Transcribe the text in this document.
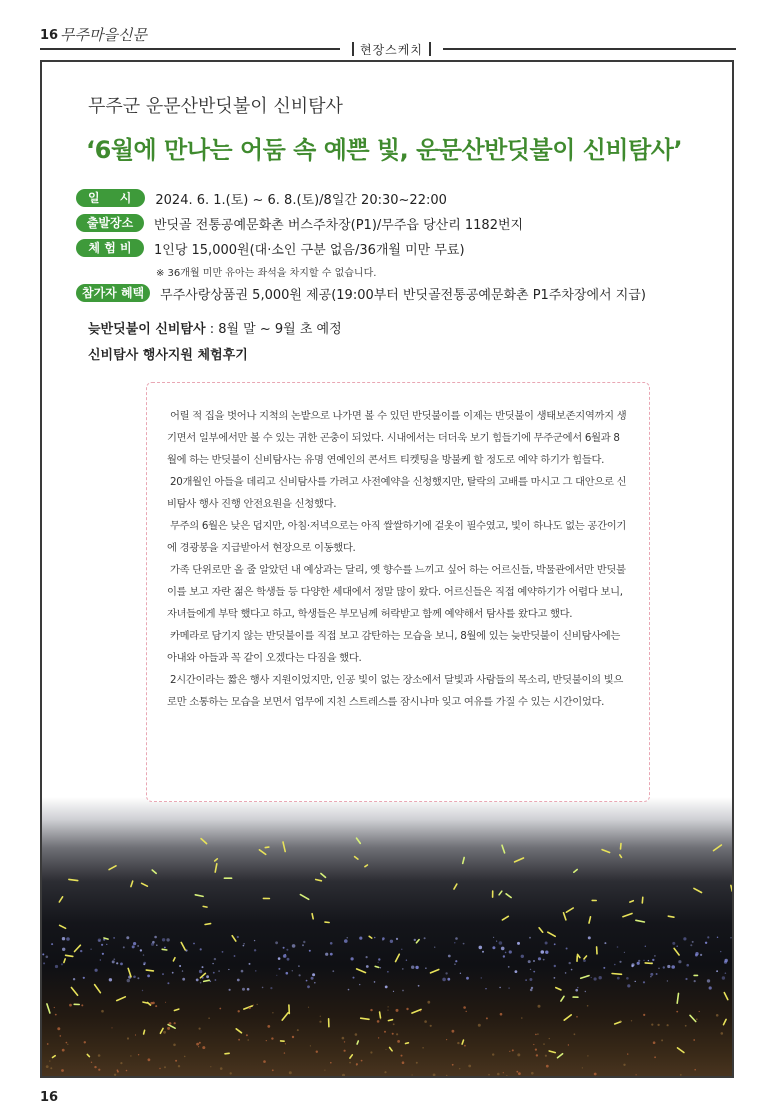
16 무주마을신문
현장스케치
무주군 운문산반딧불이 신비탐사
‘6월에 만나는 어둠 속 예쁜 빛, 운문산반딧불이 신비탐사’
일 시	2024. 6. 1.(토) ~ 6. 8.(토)/8일간 20:30~22:00
출발장소	반딧골 전통공예문화촌 버스주차장(P1)/무주읍 당산리 1182번지
체 험 비	1인당 15,000원(대·소인 구분 없음/36개월 미만 무료)
※ 36개월 미만 유아는 좌석을 차지할 수 없습니다.
참가자 혜택	무주사랑상품권 5,000원 제공(19:00부터 반딧골전통공예문화촌 P1주차장에서 지급)
늦반딧불이 신비탐사 : 8월 말 ~ 9월 초 예정
신비탐사 행사지원 체험후기

어릴 적 집을 벗어나 지척의 논밭으로 나가면 볼 수 있던 반딧불이를 이제는 반딧불이 생태보존지역까지 생기면서 일부에서만 볼 수 있는 귀한 곤충이 되었다. 시내에서는 더더욱 보기 힘들기에 무주군에서 6월과 8월에 하는 반딧불이 신비탐사는 유명 연예인의 콘서트 티켓팅을 방불케 할 정도로 예약 하기가 힘들다.

20개월인 아들을 데리고 신비탐사를 가려고 사전예약을 신청했지만, 탈락의 고배를 마시고 그 대안으로 신비탐사 행사 진행 안전요원을 신청했다.

무주의 6월은 낮은 덥지만, 아침·저녁으로는 아직 쌀쌀하기에 겉옷이 필수였고, 빛이 하나도 없는 공간이기에 경광봉을 지급받아서 현장으로 이동했다.

가족 단위로만 올 줄 알았던 내 예상과는 달리, 옛 향수를 느끼고 싶어 하는 어르신들, 박물관에서만 반딧불이를 보고 자란 젊은 학생들 등 다양한 세대에서 정말 많이 왔다. 어르신들은 직접 예약하기가 어렵다 보니, 자녀들에게 부탁 했다고 하고, 학생들은 부모님께 허락받고 함께 예약해서 탐사를 왔다고 했다.

카메라로 담기지 않는 반딧불이를 직접 보고 감탄하는 모습을 보니, 8월에 있는 늦반딧불이 신비탐사에는 아내와 아들과 꼭 같이 오겠다는 다짐을 했다.

2시간이라는 짧은 행사 지원이었지만, 인공 빛이 없는 장소에서 달빛과 사람들의 목소리, 반딧불이의 빛으로만 소통하는 모습을 보면서 업무에 지친 스트레스를 잠시나마 잊고 여유를 가질 수 있는 시간이었다.

16
